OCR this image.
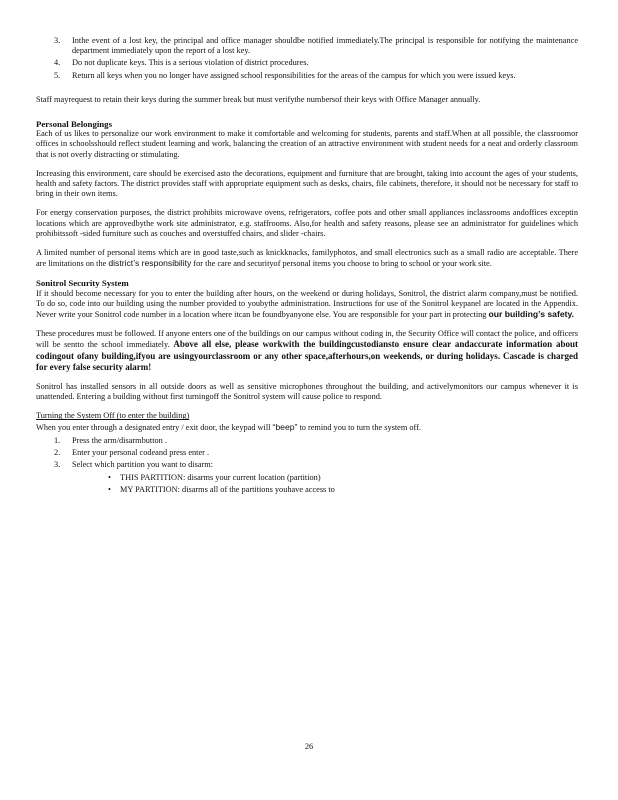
3. Inthe event of a lost key, the principal and office manager shouldbe notified immediately.The principal is responsible for notifying the maintenance department immediately upon the report of a lost key.
4. Do not duplicate keys. This is a serious violation of district procedures.
5. Return all keys when you no longer have assigned school responsibilities for the areas of the campus for which you were issued keys.

Staff mayrequest to retain their keys during the summer break but must verifythe numbersof their keys with Office Manager annually.

Personal Belongings

Each of us likes to personalize our work environment to make it comfortable and welcoming for students, parents and staff.When at all possible, the classroomor offices in schoolsshould reflect student learning and work, balancing the creation of an attractive environment with student needs for a neat and orderly classroom that is not overly distracting or stimulating.

Increasing this environment, care should be exercised asto the decorations, equipment and furniture that are brought, taking into account the ages of your students, health and safety factors. The district provides staff with appropriate equipment such as desks, chairs, file cabinets, therefore, it should not be necessary for staff to bring in their own items.

For energy conservation purposes, the district prohibits microwave ovens, refrigerators, coffee pots and other small appliances inclassrooms andoffices exceptin locations which are approvedbythe work site administrator, e.g. staffrooms. Also,for health and safety reasons, please see an administrator for guidelines which prohibitssoft -sided furniture such as couches and overstuffed chairs, and slider -chairs.

A limited number of personal items which are in good taste,such as knickknacks, familyphotos, and small electronics such as a small radio are acceptable. There are limitations on the district’s responsibility for the care and securityof personal items you choose to bring to school or your work site.

Sonitrol Security System

If it should become necessary for you to enter the building after hours, on the weekend or during holidays, Sonitrol, the district alarm company,must be notified. To do so, code into our building using the number provided to youbythe administration. Instructions for use of the Sonitrol keypanel are located in the Appendix. Never write your Sonitrol code number in a location where itcan be foundbyanyone else. You are responsible for your part in protecting our building’s safety.

These procedures must be followed. If anyone enters one of the buildings on our campus without coding in, the Security Office will contact the police, and officers will be sentto the school immediately. Above all else, please workwith the buildingcustodiansto ensure clear andaccurate information about codingout ofany building,ifyou are usingyourclassroom or any other space,afterhours,on weekends, or during holidays. Cascade is charged for every false security alarm!

Sonitrol has installed sensors in all outside doors as well as sensitive microphones throughout the building, and activelymonitors our campus whenever it is unattended. Entering a building without first turningoff the Sonitrol system will cause police to respond.

Turning the System Off (to enter the building)

When you enter through a designated entry / exit door, the keypad will “beep” to remind you to turn the system off.

1. Press the arm/disarmbutton .
2. Enter your personal codeand press enter .
3. Select which partition you want to disarm:
• THIS PARTITION: disarms your current location (partition)
• MY PARTITION: disarms all of the partitions youhave access to
26
